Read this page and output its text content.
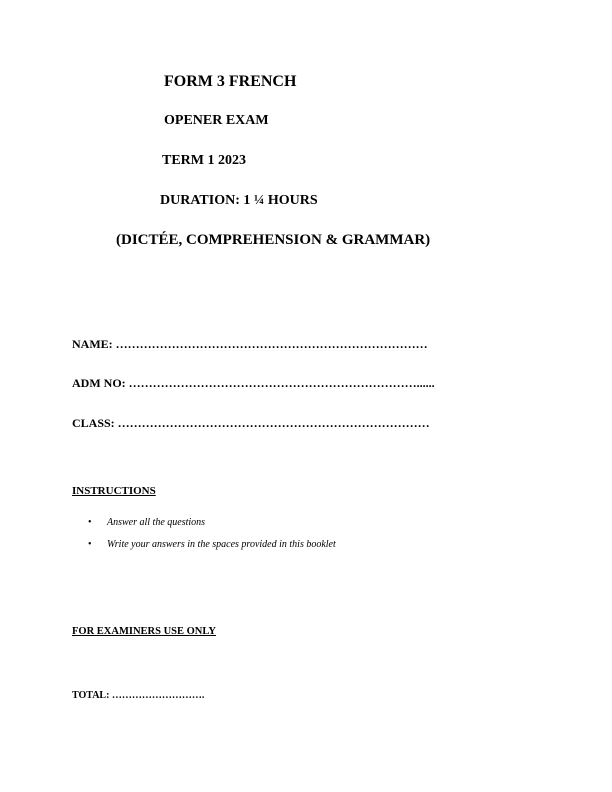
FORM 3 FRENCH

OPENER EXAM

TERM 1 2023

DURATION: 1 ¼ HOURS

(DICTÉE, COMPREHENSION & GRAMMAR)

NAME: ……………………………………………………………………

ADM NO: ………………………………………………………………......

CLASS: ……………………………………………………………………

INSTRUCTIONS

• Answer all the questions
• Write your answers in the spaces provided in this booklet

FOR EXAMINERS USE ONLY

TOTAL: ……………………….
